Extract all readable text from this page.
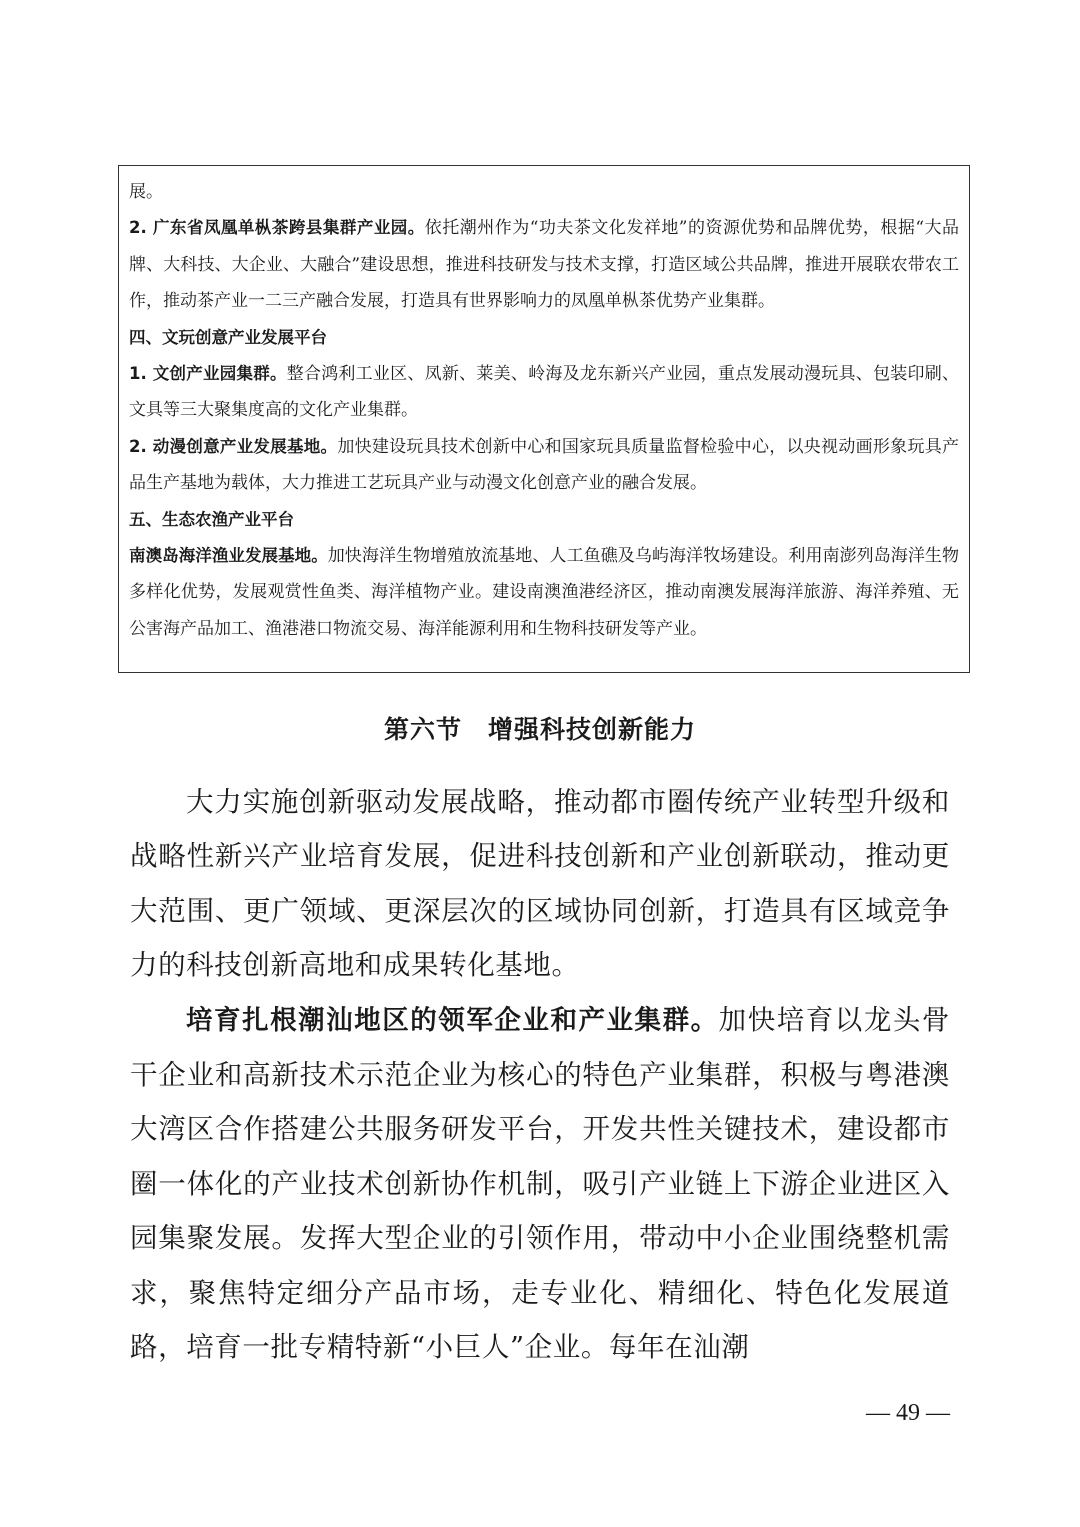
展。

2. 广东省凤凰单枞茶跨县集群产业园。依托潮州作为“功夫茶文化发祥地”的资源优势和品牌优势，根据“大品牌、大科技、大企业、大融合”建设思想，推进科技研发与技术支撑，打造区域公共品牌，推进开展联农带农工作，推动茶产业一二三产融合发展，打造具有世界影响力的凤凰单枞茶优势产业集群。

四、文玩创意产业发展平台

1. 文创产业园集群。整合鸿利工业区、凤新、莱美、岭海及龙东新兴产业园，重点发展动漫玩具、包装印刷、文具等三大聚集度高的文化产业集群。

2. 动漫创意产业发展基地。加快建设玩具技术创新中心和国家玩具质量监督检验中心，以央视动画形象玩具产品生产基地为载体，大力推进工艺玩具产业与动漫文化创意产业的融合发展。

五、生态农渔产业平台

南澳岛海洋渔业发展基地。加快海洋生物增殖放流基地、人工鱼礁及乌屿海洋牧场建设。利用南澎列岛海洋生物多样化优势，发展观赏性鱼类、海洋植物产业。建设南澳渔港经济区，推动南澳发展海洋旅游、海洋养殖、无公害海产品加工、渔港港口物流交易、海洋能源利用和生物科技研发等产业。

第六节 增强科技创新能力

大力实施创新驱动发展战略，推动都市圈传统产业转型升级和战略性新兴产业培育发展，促进科技创新和产业创新联动，推动更大范围、更广领域、更深层次的区域协同创新，打造具有区域竞争力的科技创新高地和成果转化基地。

培育扎根潮汕地区的领军企业和产业集群。加快培育以龙头骨干企业和高新技术示范企业为核心的特色产业集群，积极与粤港澳大湾区合作搭建公共服务研发平台，开发共性关键技术，建设都市圈一体化的产业技术创新协作机制，吸引产业链上下游企业进区入园集聚发展。发挥大型企业的引领作用，带动中小企业围绕整机需求，聚焦特定细分产品市场，走专业化、精细化、特色化发展道路，培育一批专精特新“小巨人”企业。每年在汕潮

— 49 —
